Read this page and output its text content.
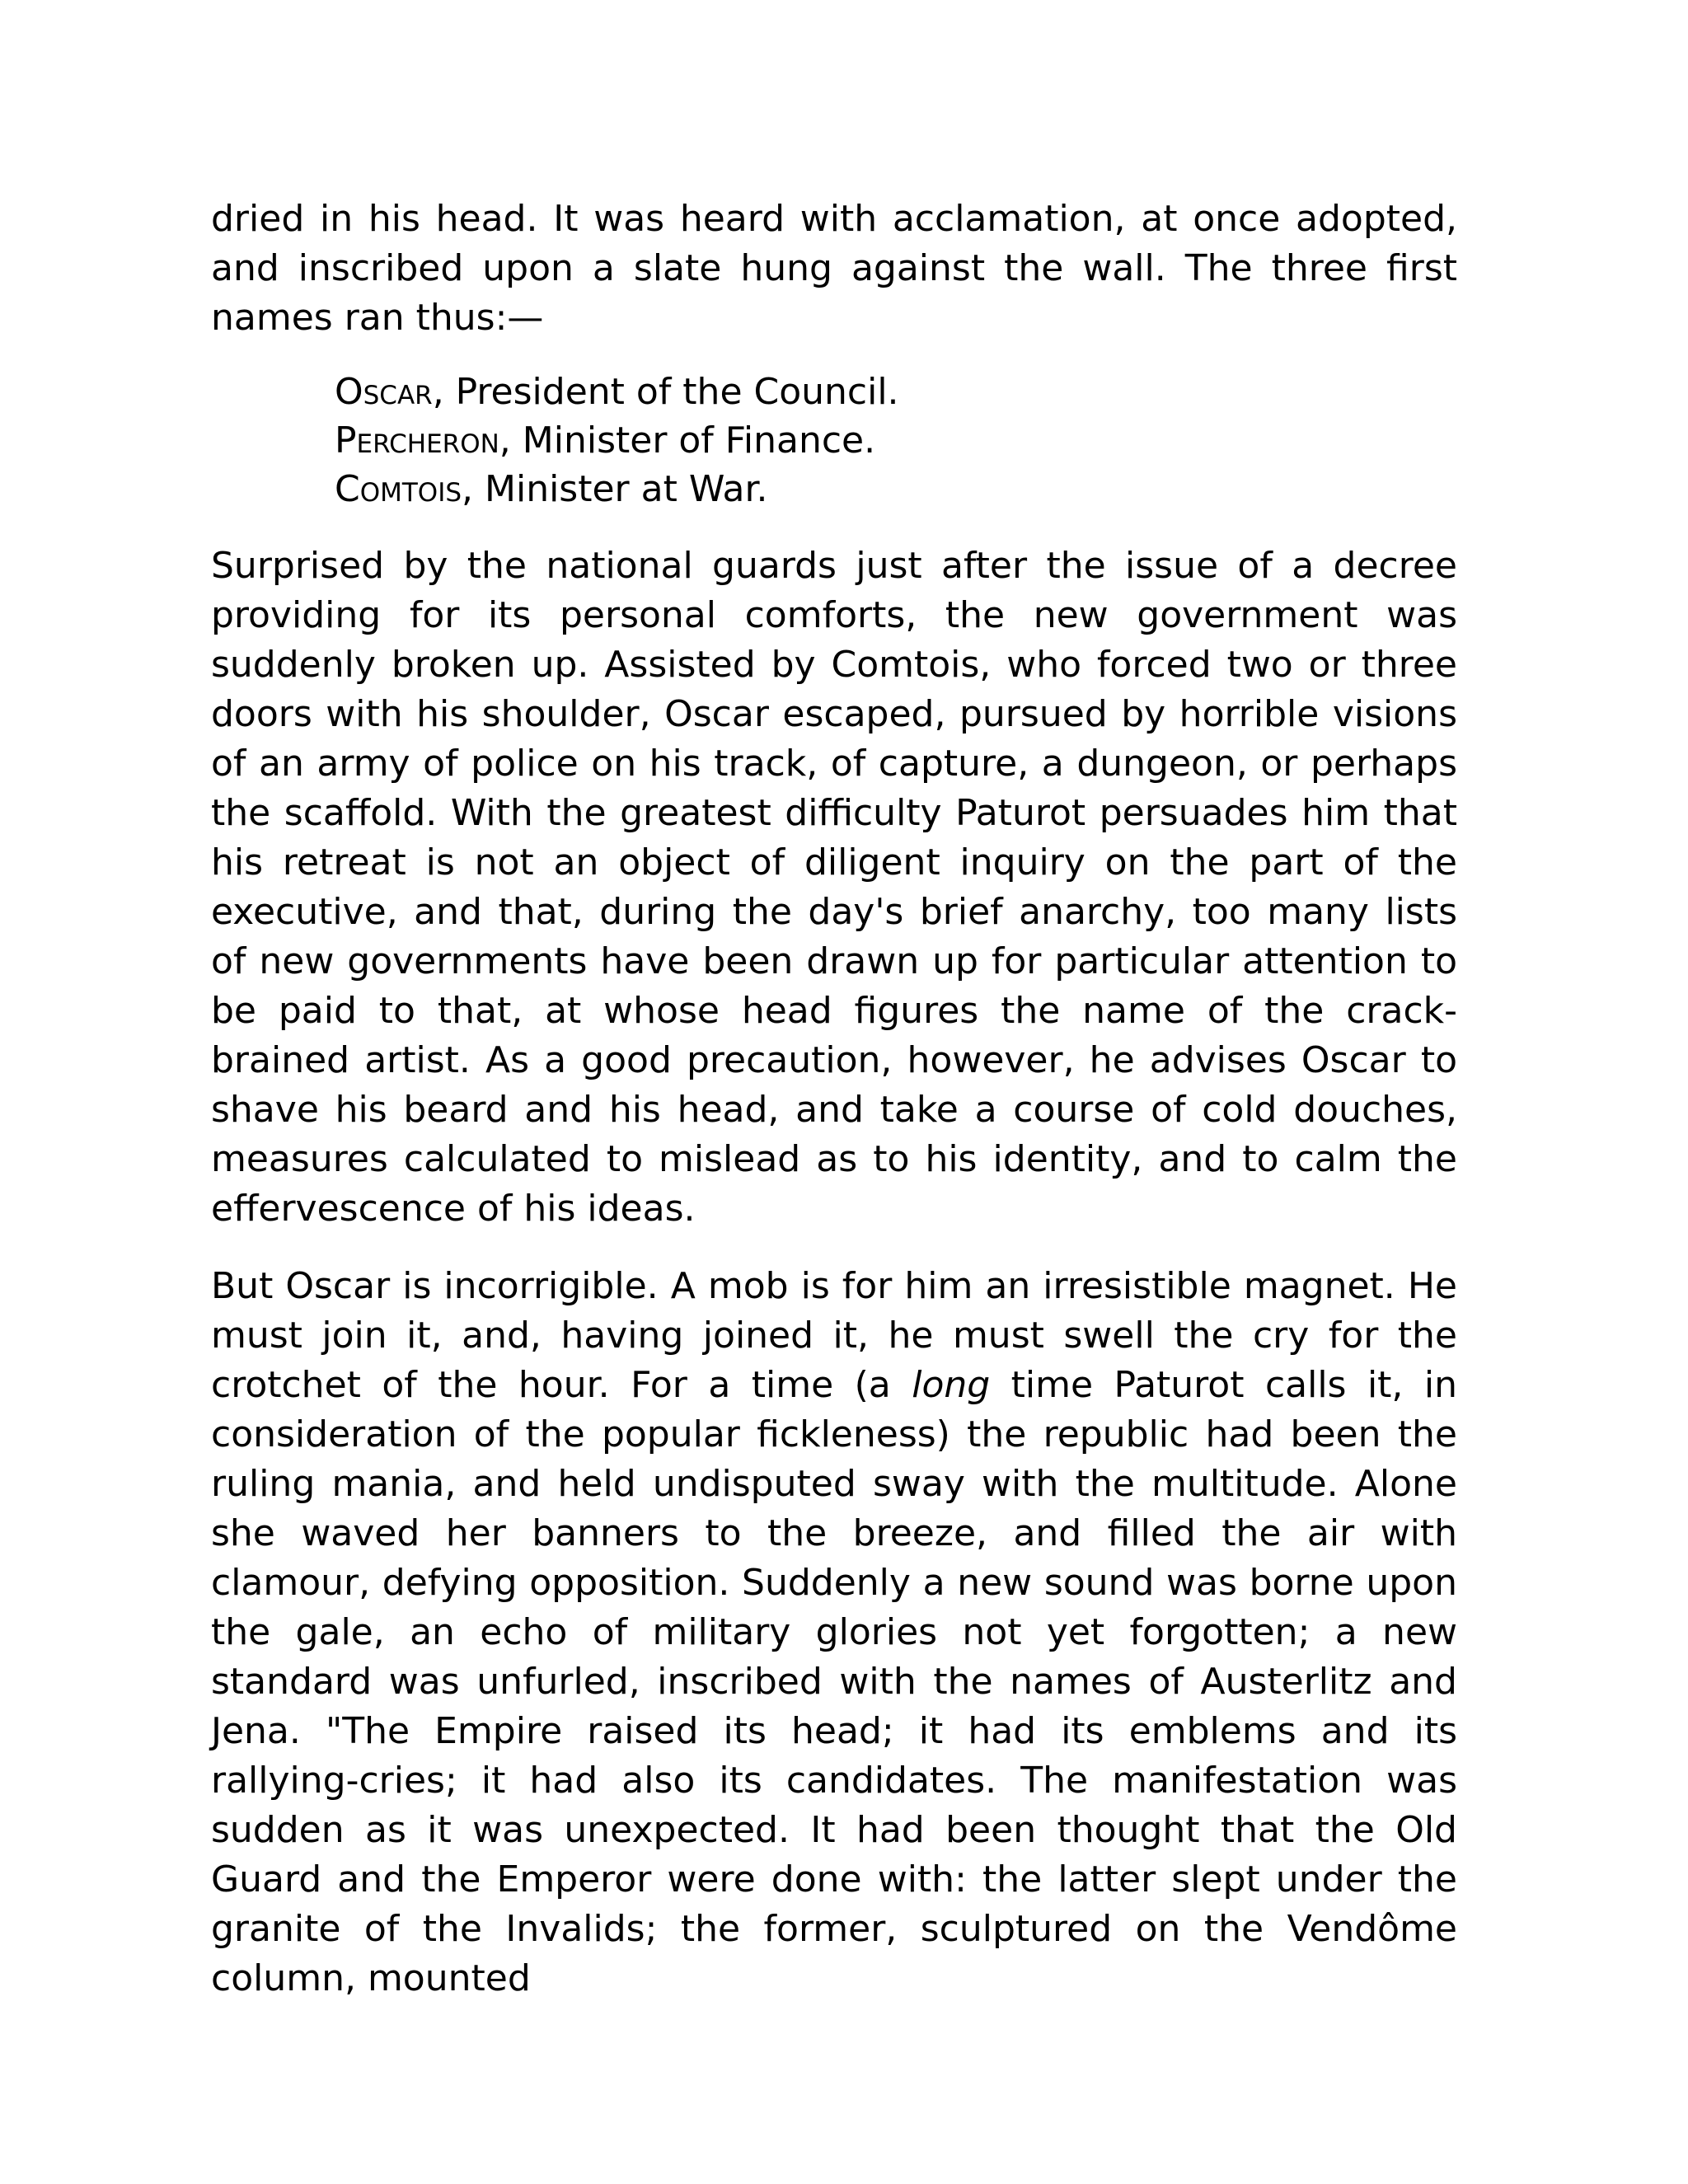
dried in his head. It was heard with acclamation, at once adopted, and inscribed upon a slate hung against the wall. The three first names ran thus:—

Oscar, President of the Council.
Percheron, Minister of Finance.
Comtois, Minister at War.

Surprised by the national guards just after the issue of a decree providing for its personal comforts, the new government was suddenly broken up. Assisted by Comtois, who forced two or three doors with his shoulder, Oscar escaped, pursued by horrible visions of an army of police on his track, of capture, a dungeon, or perhaps the scaffold. With the greatest difficulty Paturot persuades him that his retreat is not an object of diligent inquiry on the part of the executive, and that, during the day's brief anarchy, too many lists of new governments have been drawn up for particular attention to be paid to that, at whose head figures the name of the crack-brained artist. As a good precaution, however, he advises Oscar to shave his beard and his head, and take a course of cold douches, measures calculated to mislead as to his identity, and to calm the effervescence of his ideas.

But Oscar is incorrigible. A mob is for him an irresistible magnet. He must join it, and, having joined it, he must swell the cry for the crotchet of the hour. For a time (a long time Paturot calls it, in consideration of the popular fickleness) the republic had been the ruling mania, and held undisputed sway with the multitude. Alone she waved her banners to the breeze, and filled the air with clamour, defying opposition. Suddenly a new sound was borne upon the gale, an echo of military glories not yet forgotten; a new standard was unfurled, inscribed with the names of Austerlitz and Jena. "The Empire raised its head; it had its emblems and its rallying-cries; it had also its candidates. The manifestation was sudden as it was unexpected. It had been thought that the Old Guard and the Emperor were done with: the latter slept under the granite of the Invalids; the former, sculptured on the Vendôme column, mounted
